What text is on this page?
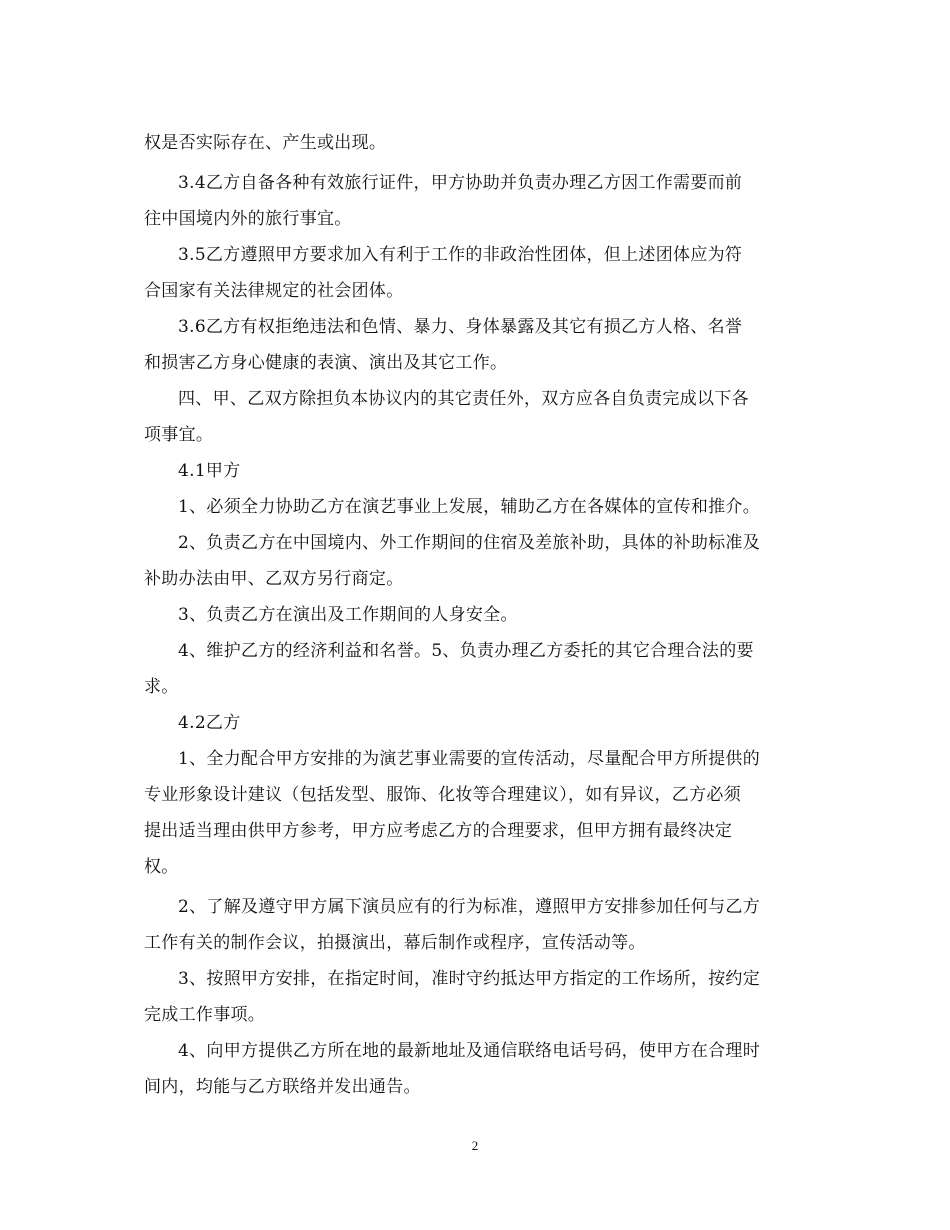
权是否实际存在、产生或出现。
3.4乙方自备各种有效旅行证件，甲方协助并负责办理乙方因工作需要而前
往中国境内外的旅行事宜。
3.5乙方遵照甲方要求加入有利于工作的非政治性团体，但上述团体应为符
合国家有关法律规定的社会团体。
3.6乙方有权拒绝违法和色情、暴力、身体暴露及其它有损乙方人格、名誉
和损害乙方身心健康的表演、演出及其它工作。
四、甲、乙双方除担负本协议内的其它责任外，双方应各自负责完成以下各
项事宜。
4.1甲方
1、必须全力协助乙方在演艺事业上发展，辅助乙方在各媒体的宣传和推介。
2、负责乙方在中国境内、外工作期间的住宿及差旅补助，具体的补助标准及
补助办法由甲、乙双方另行商定。
3、负责乙方在演出及工作期间的人身安全。
4、维护乙方的经济利益和名誉。5、负责办理乙方委托的其它合理合法的要
求。
4.2乙方
1、全力配合甲方安排的为演艺事业需要的宣传活动，尽量配合甲方所提供的
专业形象设计建议（包括发型、服饰、化妆等合理建议），如有异议，乙方必须
提出适当理由供甲方参考，甲方应考虑乙方的合理要求，但甲方拥有最终决定
权。
2、了解及遵守甲方属下演员应有的行为标准，遵照甲方安排参加任何与乙方
工作有关的制作会议，拍摄演出，幕后制作或程序，宣传活动等。
3、按照甲方安排，在指定时间，准时守约抵达甲方指定的工作场所，按约定
完成工作事项。
4、向甲方提供乙方所在地的最新地址及通信联络电话号码，使甲方在合理时
间内，均能与乙方联络并发出通告。
2
